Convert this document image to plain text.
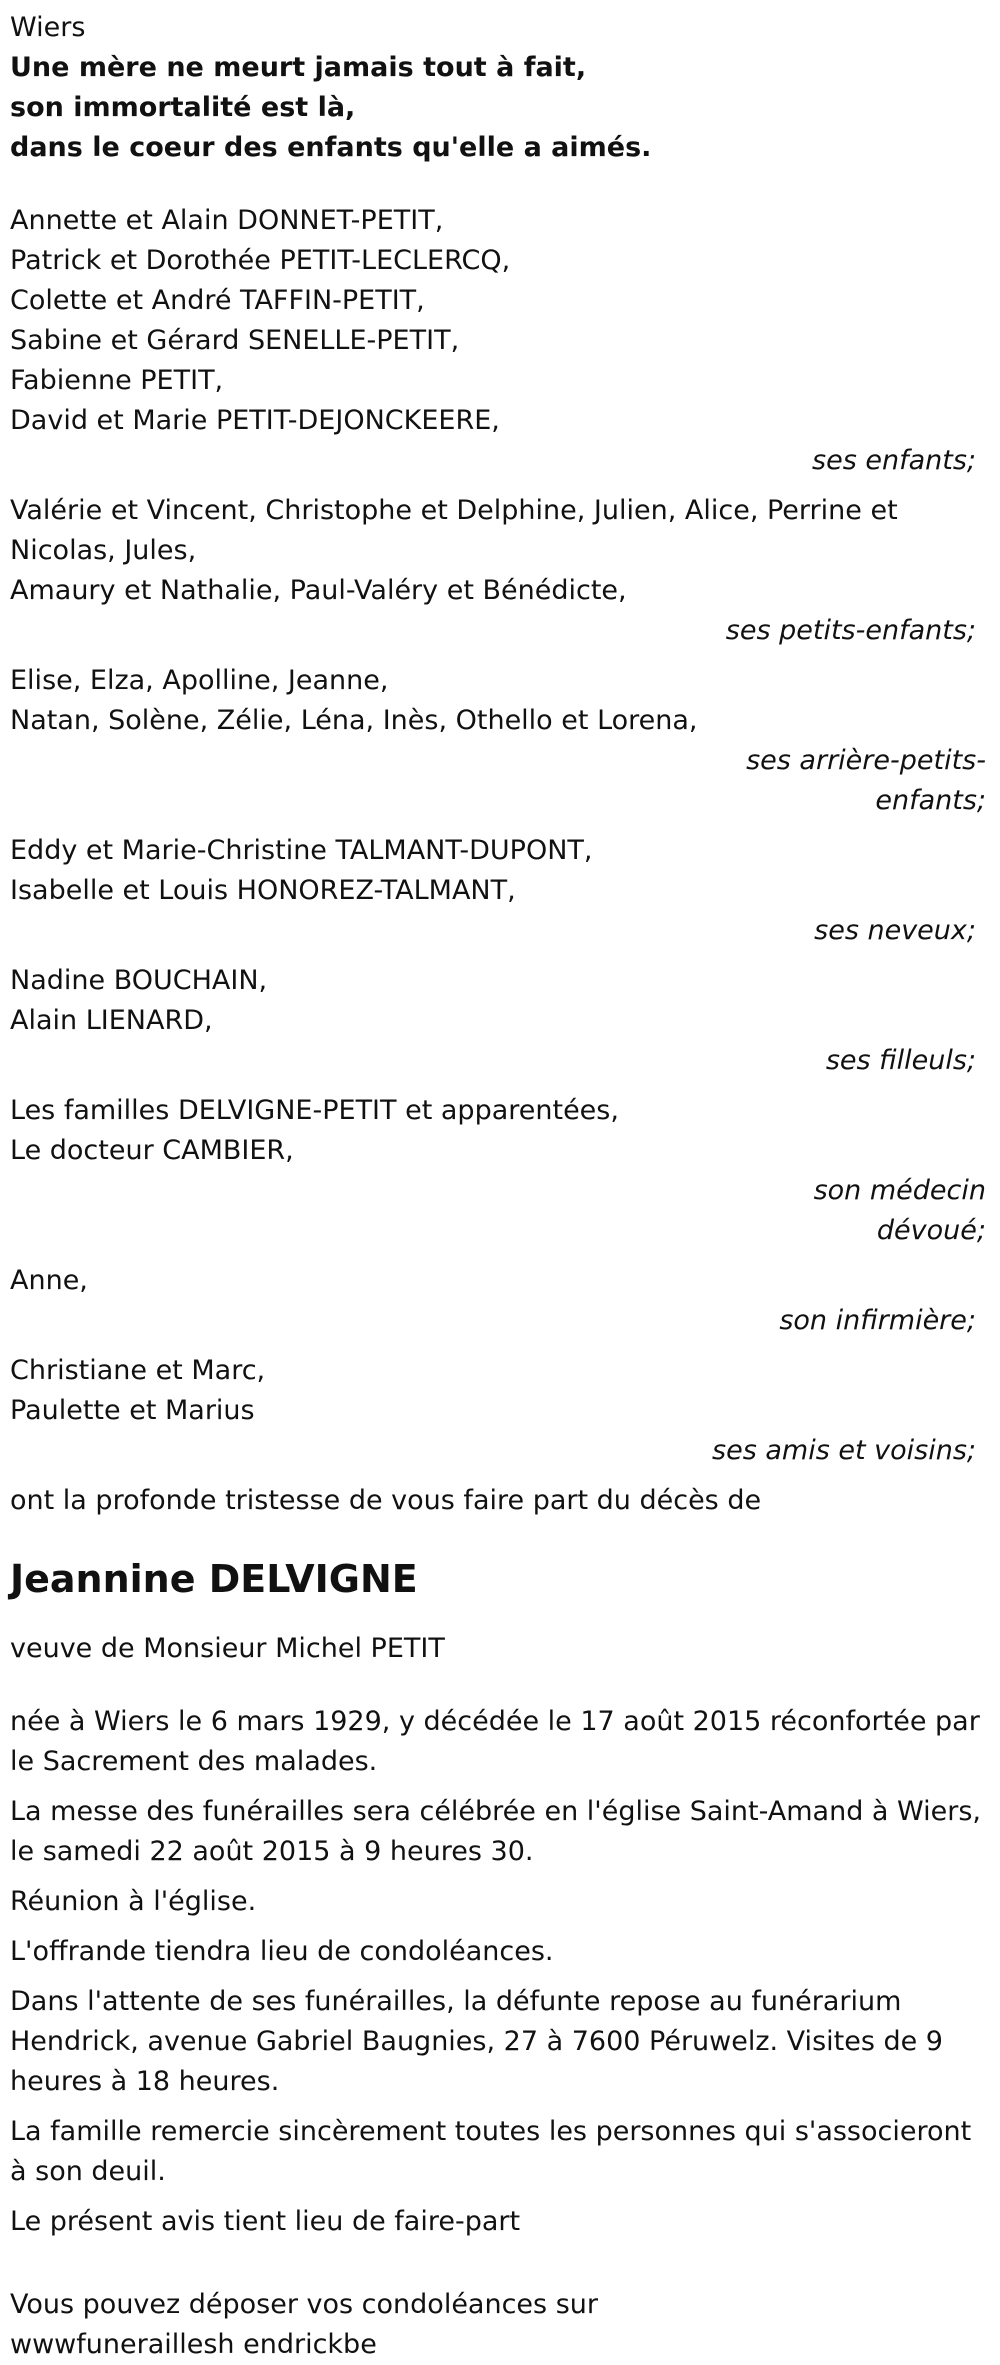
Wiers
Une mère ne meurt jamais tout à fait,
son immortalité est là,
dans le coeur des enfants qu'elle a aimés.
Annette et Alain DONNET-PETIT,
Patrick et Dorothée PETIT-LECLERCQ,
Colette et André TAFFIN-PETIT,
Sabine et Gérard SENELLE-PETIT,
Fabienne PETIT,
David et Marie PETIT-DEJONCKEERE,
ses enfants;
Valérie et Vincent, Christophe et Delphine, Julien, Alice, Perrine et Nicolas, Jules,
Amaury et Nathalie, Paul-Valéry et Bénédicte,
ses petits-enfants;
Elise, Elza, Apolline, Jeanne,
Natan, Solène, Zélie, Léna, Inès, Othello et Lorena,
ses arrière-petits-enfants;
Eddy et Marie-Christine TALMANT-DUPONT,
Isabelle et Louis HONOREZ-TALMANT,
ses neveux;
Nadine BOUCHAIN,
Alain LIENARD,
ses filleuls;
Les familles DELVIGNE-PETIT et apparentées,
Le docteur CAMBIER,
son médecin dévoué;
Anne,
son infirmière;
Christiane et Marc,
Paulette et Marius
ses amis et voisins;
ont la profonde tristesse de vous faire part du décès de
Jeannine DELVIGNE
veuve de Monsieur Michel PETIT
née à Wiers le 6 mars 1929, y décédée le 17 août 2015 réconfortée par le Sacrement des malades.
La messe des funérailles sera célébrée en l'église Saint-Amand à Wiers, le samedi 22 août 2015 à 9 heures 30.
Réunion à l'église.
L'offrande tiendra lieu de condoléances.
Dans l'attente de ses funérailles, la défunte repose au funérarium Hendrick, avenue Gabriel Baugnies, 27 à 7600 Péruwelz. Visites de 9 heures à 18 heures.
La famille remercie sincèrement toutes les personnes qui s'associeront à son deuil.
Le présent avis tient lieu de faire-part
Vous pouvez déposer vos condoléances sur
wwwfuneraillesh endrickbe
